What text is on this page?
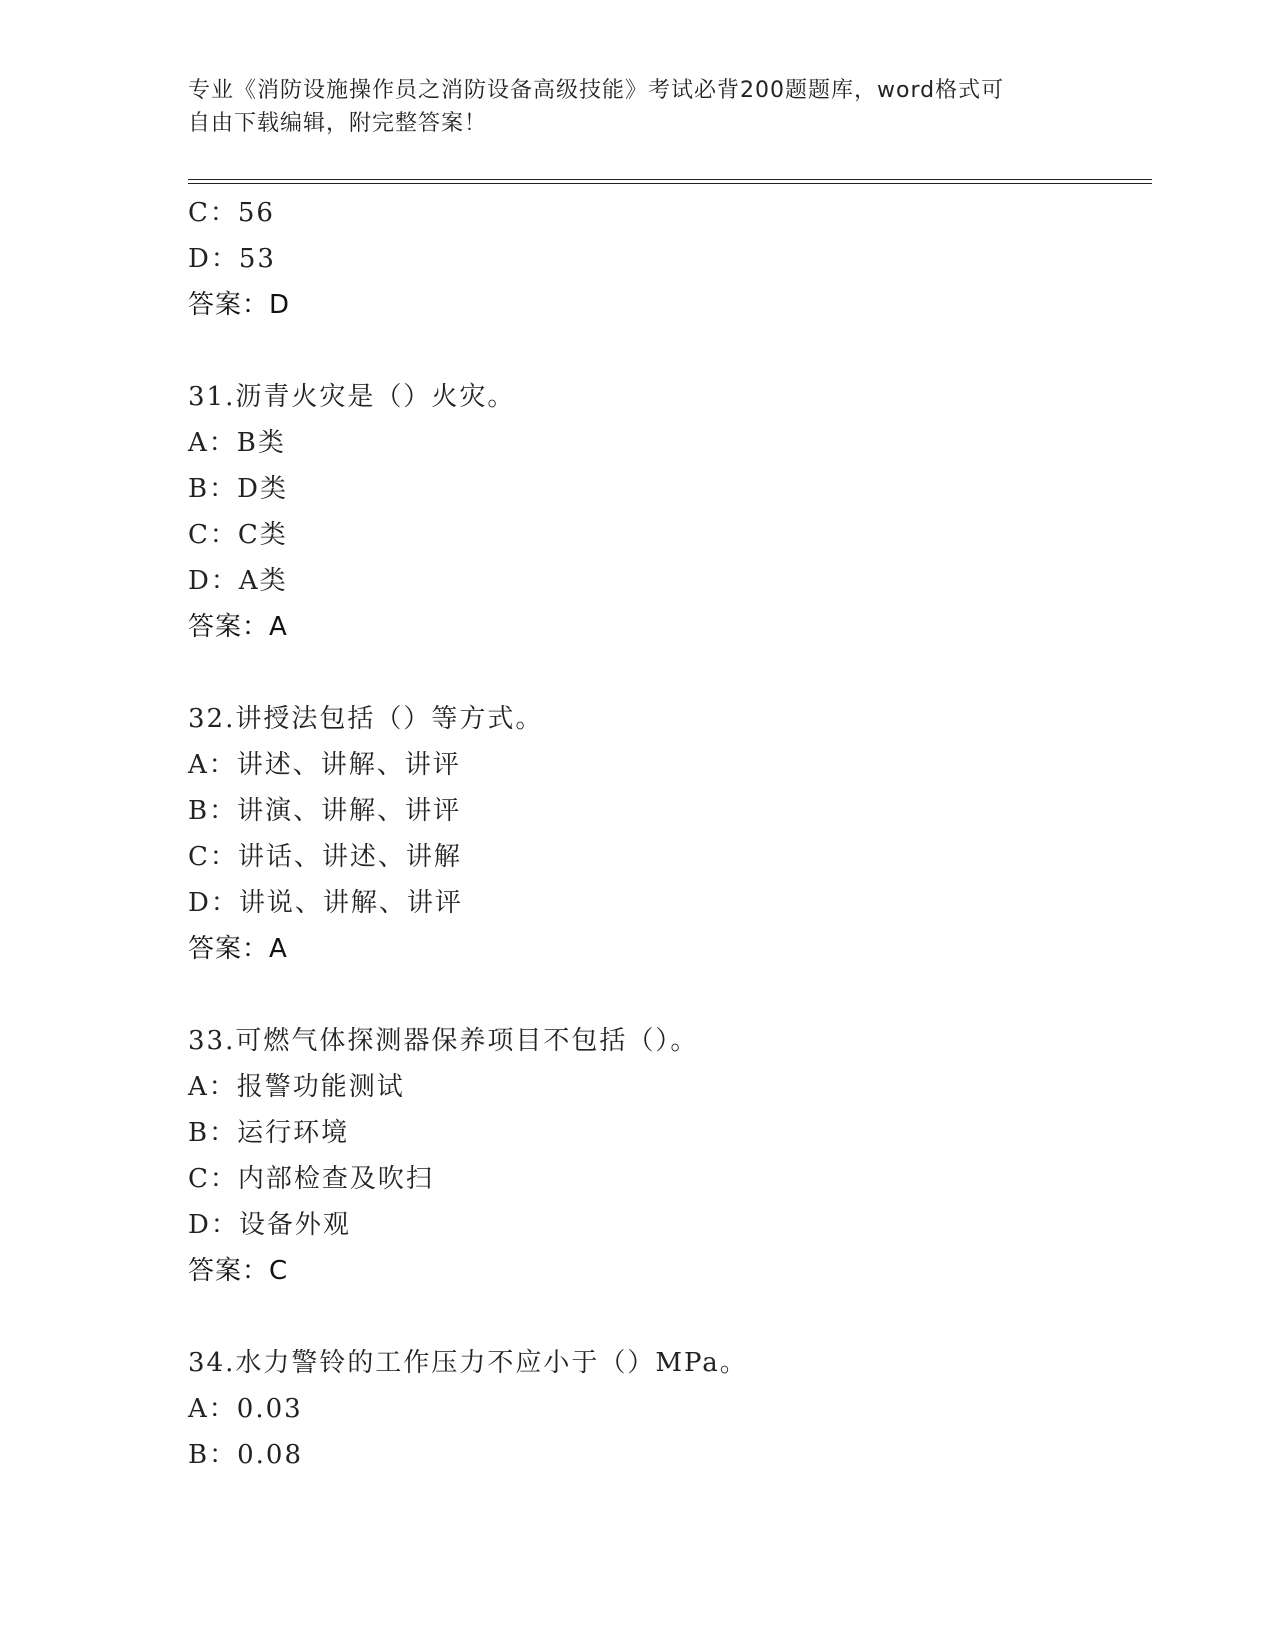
专业《消防设施操作员之消防设备高级技能》考试必背200题题库，word格式可
自由下载编辑，附完整答案！
C：56
D：53
答案：D
31.沥青火灾是（）火灾。
A：B类
B：D类
C：C类
D：A类
答案：A
32.讲授法包括（）等方式。
A：讲述、讲解、讲评
B：讲演、讲解、讲评
C：讲话、讲述、讲解
D：讲说、讲解、讲评
答案：A
33.可燃气体探测器保养项目不包括（）。
A：报警功能测试
B：运行环境
C：内部检查及吹扫
D：设备外观
答案：C
34.水力警铃的工作压力不应小于（）MPa。
A：0.03
B：0.08
